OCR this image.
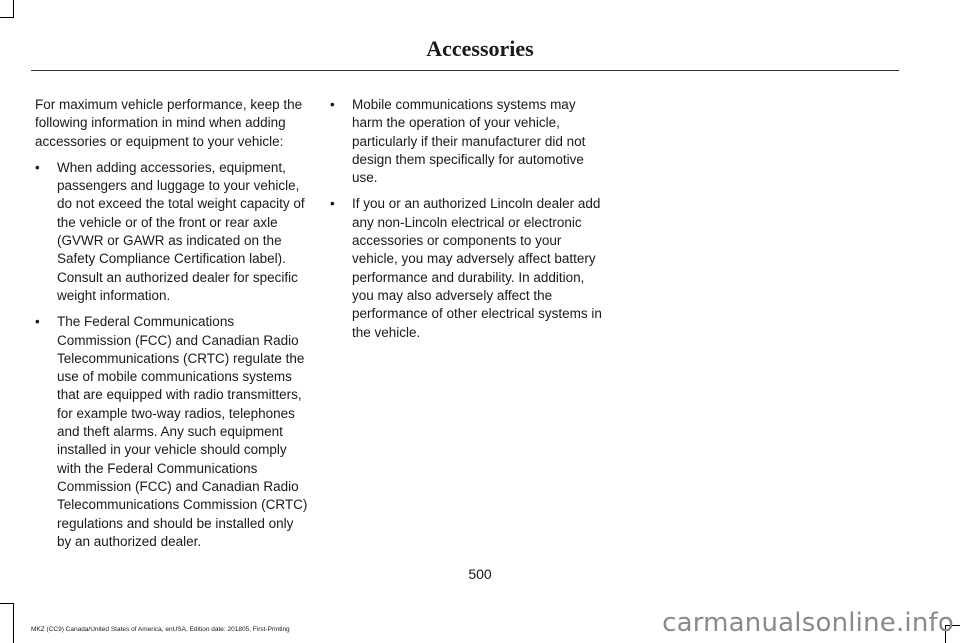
Accessories

For maximum vehicle performance, keep the following information in mind when adding accessories or equipment to your vehicle:

• When adding accessories, equipment, passengers and luggage to your vehicle, do not exceed the total weight capacity of the vehicle or of the front or rear axle (GVWR or GAWR as indicated on the Safety Compliance Certification label). Consult an authorized dealer for specific weight information.
• The Federal Communications Commission (FCC) and Canadian Radio Telecommunications (CRTC) regulate the use of mobile communications systems that are equipped with radio transmitters, for example two-way radios, telephones and theft alarms. Any such equipment installed in your vehicle should comply with the Federal Communications Commission (FCC) and Canadian Radio Telecommunications Commission (CRTC) regulations and should be installed only by an authorized dealer.
• Mobile communications systems may harm the operation of your vehicle, particularly if their manufacturer did not design them specifically for automotive use.
• If you or an authorized Lincoln dealer add any non-Lincoln electrical or electronic accessories or components to your vehicle, you may adversely affect battery performance and durability. In addition, you may also adversely affect the performance of other electrical systems in the vehicle.
500
MKZ (CC9) Canada/United States of America, enUSA, Edition date: 201805, First-Printing	carmanualsonline.info
